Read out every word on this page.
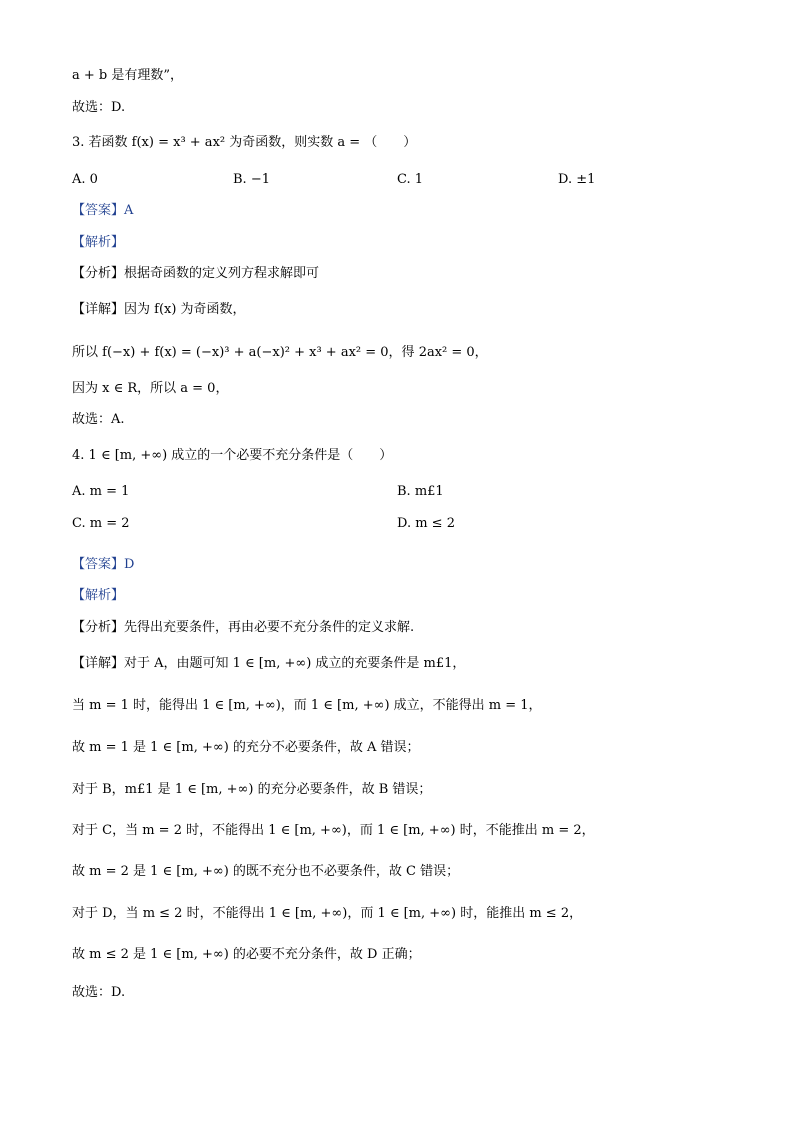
a + b 是有理数”，
故选：D.
3. 若函数 f(x) = x³ + ax² 为奇函数，则实数 a = （　　）
A. 0	B. −1	C. 1	D. ±1
【答案】A
【解析】
【分析】根据奇函数的定义列方程求解即可
【详解】因为 f(x) 为奇函数，
所以 f(−x) + f(x) = (−x)³ + a(−x)² + x³ + ax² = 0，得 2ax² = 0，
因为 x ∈ R，所以 a = 0，
故选：A.
4. 1 ∈ [m, +∞) 成立的一个必要不充分条件是（　　）
A. m = 1	B. m£1
C. m = 2	D. m ≤ 2
【答案】D
【解析】
【分析】先得出充要条件，再由必要不充分条件的定义求解.
【详解】对于 A，由题可知 1 ∈ [m, +∞) 成立的充要条件是 m£1，
当 m = 1 时，能得出 1 ∈ [m, +∞)，而 1 ∈ [m, +∞) 成立，不能得出 m = 1，
故 m = 1 是 1 ∈ [m, +∞) 的充分不必要条件，故 A 错误；
对于 B，m£1 是 1 ∈ [m, +∞) 的充分必要条件，故 B 错误；
对于 C，当 m = 2 时，不能得出 1 ∈ [m, +∞)，而 1 ∈ [m, +∞) 时，不能推出 m = 2，
故 m = 2 是 1 ∈ [m, +∞) 的既不充分也不必要条件，故 C 错误；
对于 D，当 m ≤ 2 时，不能得出 1 ∈ [m, +∞)，而 1 ∈ [m, +∞) 时，能推出 m ≤ 2，
故 m ≤ 2 是 1 ∈ [m, +∞) 的必要不充分条件，故 D 正确；
故选：D.
